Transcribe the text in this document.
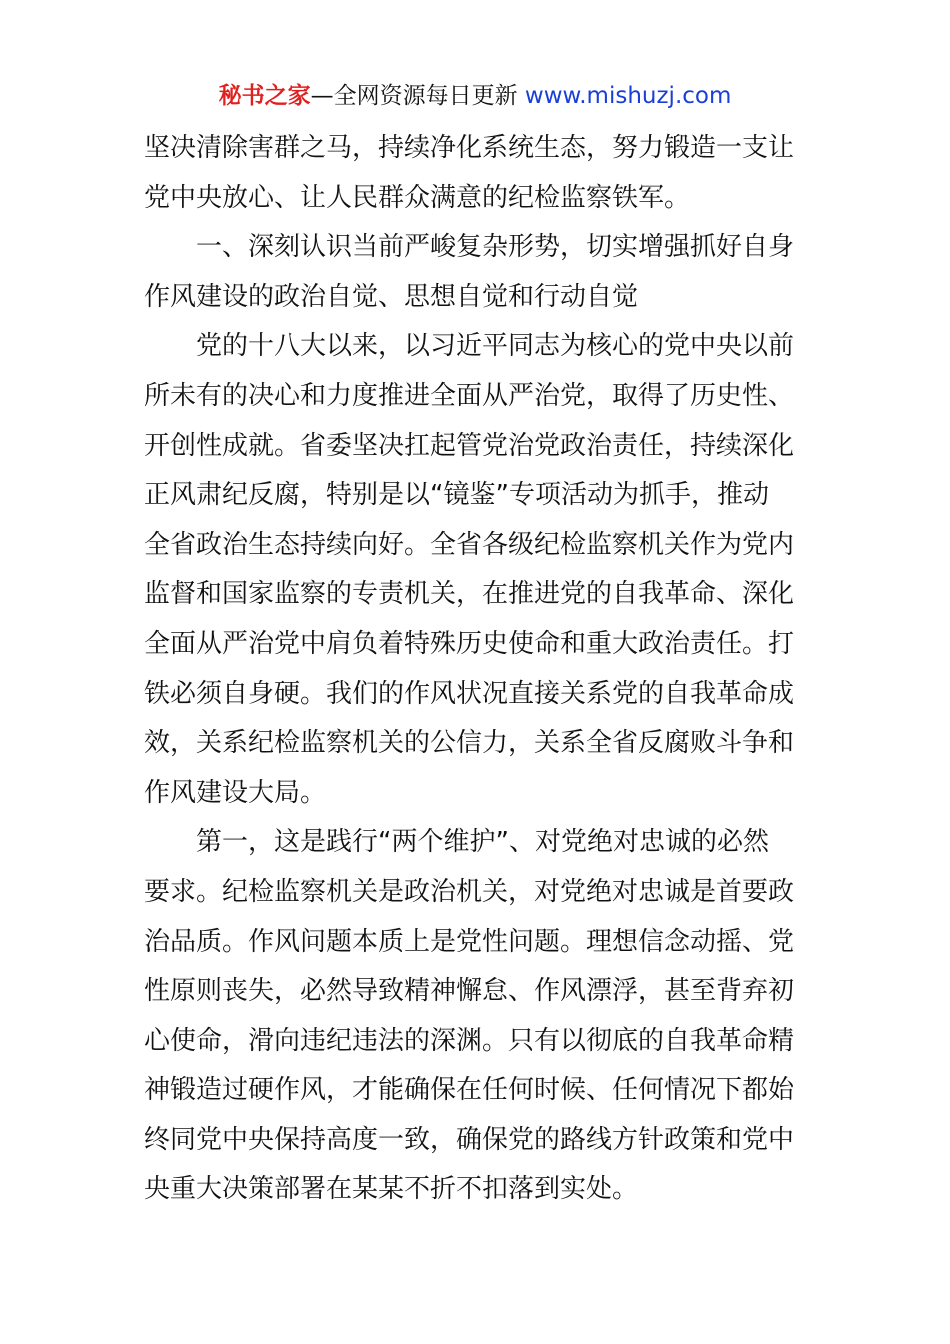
秘书之家—全网资源每日更新 www.mishuzj.com
坚决清除害群之马，持续净化系统生态，努力锻造一支让
党中央放心、让人民群众满意的纪检监察铁军。
　　一、深刻认识当前严峻复杂形势，切实增强抓好自身
作风建设的政治自觉、思想自觉和行动自觉
　　党的十八大以来，以习近平同志为核心的党中央以前
所未有的决心和力度推进全面从严治党，取得了历史性、
开创性成就。省委坚决扛起管党治党政治责任，持续深化
正风肃纪反腐，特别是以“镜鉴”专项活动为抓手，推动
全省政治生态持续向好。全省各级纪检监察机关作为党内
监督和国家监察的专责机关，在推进党的自我革命、深化
全面从严治党中肩负着特殊历史使命和重大政治责任。打
铁必须自身硬。我们的作风状况直接关系党的自我革命成
效，关系纪检监察机关的公信力，关系全省反腐败斗争和
作风建设大局。
　　第一，这是践行“两个维护”、对党绝对忠诚的必然
要求。纪检监察机关是政治机关，对党绝对忠诚是首要政
治品质。作风问题本质上是党性问题。理想信念动摇、党
性原则丧失，必然导致精神懈怠、作风漂浮，甚至背弃初
心使命，滑向违纪违法的深渊。只有以彻底的自我革命精
神锻造过硬作风，才能确保在任何时候、任何情况下都始
终同党中央保持高度一致，确保党的路线方针政策和党中
央重大决策部署在某某不折不扣落到实处。
